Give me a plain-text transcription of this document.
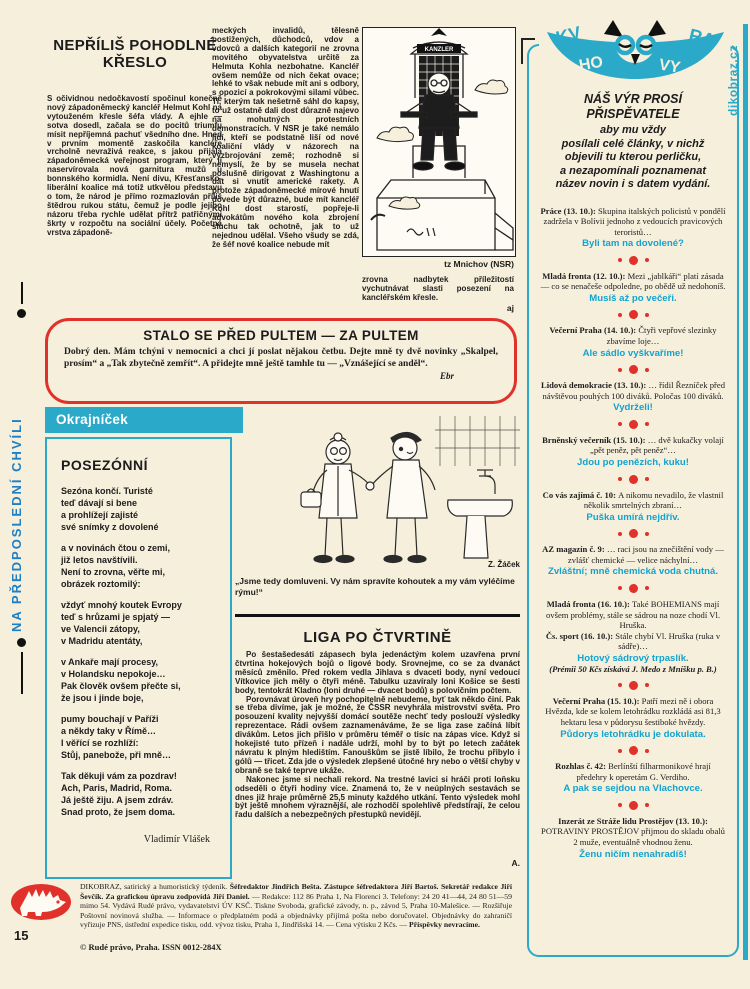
NA PŘEDPOSLEDNÍ CHVÍLI
NEPŘÍLIŠ POHODLNÉ KŘESLO
S očividnou nedočkavostí spočinul konečně nový západoněmecký kancléř Helmut Kohl na vytouženém křesle šéfa vlády. A ejhle — sotva dosedl, začala se do pocitů triumfu mísit nepříjemná pachuť všedního dne. Hned v prvním momentě zaskočila kancléře vrcholně nevraživá reakce, s jakou přijala západoněmecká veřejnost program, který ji naservírovala nová garnitura mužů u bonnského kormidla. Není divu, Křesťansko-liberální koalice má totiž utkvělou představu o tom, že národ je přímo rozmazlován příliš štědrou rukou státu, čemuž je podle jejího názoru třeba rychle udělat přítrž patřičnými škrty v rozpočtu na sociální účely. Početná vrstva západoně-
meckých invalidů, tělesně postižených, důchodců, vdov a vdovců a dalších kategorií ne zrovna movitého obyvatelstva určitě za Helmuta Kohla nezbohatne. Kancléř ovšem nemůže od nich čekat ovace; lehké to však nebude mít ani s odbory, s opozicí a pokrokovými silami vůbec. Ti, kterým tak nešetrně sáhl do kapsy, to už ostatně dali dost důrazně najevo na mohutných protestních demonstracích. V NSR je také nemálo lidí, kteří se podstatně liší od nové koaliční vlády v názorech na vyzbrojování země; rozhodně si nemyslí, že by se musela nechat poslušně dirigovat z Washingtonu a dát si vnutit americké rakety. A protože západoněmecké mírové hnutí dovede být důrazné, bude mít kancléř Kohl dost starostí, popřeje-li advokátům nového kola zbrojení sluchu tak ochotně, jak to už nejednou udělal. Všeho všudy se zdá, že šéf nové koalice nebude mít
KANZLER
tz Mnichov (NSR)
zrovna nadbytek příležitostí vychutnávat slasti posezení na kancléřském křesle.
aj
STALO SE PŘED PULTEM — ZA PULTEM
Dobrý den. Mám tchýni v nemocnici a chci jí poslat nějakou četbu. Dejte mně ty dvě novinky „Skalpel, prosím“ a „Tak zbytečně zemřít“. A přidejte mně ještě tamhle tu — „Vznášející se anděl“.
Ebr
Okrajníček
POSEZÓNNÍ
Sezóna končí. Turisté
teď dávají si bene
a prohlížejí zajisté
své snímky z dovolené
a v novinách čtou o zemi,
již letos navštívili.
Není to zrovna, věřte mi,
obrázek roztomilý:
vždyť mnohý koutek Evropy
teď s hrůzami je spjatý —
ve Valencii zátopy,
v Madridu atentáty,
v Ankaře mají procesy,
v Holandsku nepokoje…
Pak člověk ovšem přečte si,
že jsou i jinde boje,
pumy bouchají v Paříži
a někdy taky v Římě…
I věřící se rozhlíží:
Stůj, panebože, při mně…
Tak děkuji vám za pozdrav!
Ach, Paris, Madrid, Roma.
Já ještě žiju. A jsem zdráv.
Snad proto, že jsem doma.
Vladimír Vlášek
Z. Žáček
„Jsme tedy domluveni. Vy nám spravíte kohoutek a my vám vyléčíme rýmu!“
LIGA PO ČTVRTINĚ

Po šestašedesáti zápasech byla jedenáctým kolem uzavřena první čtvrtina hokejových bojů o ligové body. Srovnejme, co se za dvanáct měsíců změnilo. Před rokem vedla Jihlava s dvaceti body, nyní vedoucí Vítkovice jich měly o čtyři méně. Tabulku uzavíraly loni Košice se šesti body, tentokrát Kladno (loni druhé — dvacet bodů) s polovičním počtem.

Porovnávat úroveň hry pochopitelně nebudeme, byť tak někdo činí. Pak se třeba divíme, jak je možné, že ČSSR nevyhrála mistrovství světa. Pro posouzení kvality nejvyšší domácí soutěže nechť tedy poslouží výsledky reprezentace. Rádi ovšem zaznamenáváme, že se liga zase začíná líbit divákům. Letos jich přišlo v průměru téměř o tisíc na zápas více. Když si hokejisté tuto přízeň i nadále udrží, mohl by to být po letech začátek návratu k plným hledištím. Fanouškům se jistě líbilo, že trochu přibylo i gólů — třicet. Zda jde o výsledek zlepšené útočné hry nebo o větší chyby v obraně se také teprve ukáže.

Nakonec jsme si nechali rekord. Na trestné lavici si hráči proti loňsku odseděli o čtyři hodiny více. Znamená to, že v neúplných sestavách se dnes již hraje průměrně 25,5 minuty každého utkání. Tento výsledek mohl být ještě mnohem výraznější, ale rozhodčí spolehlivě předstírají, že celou řadu dalších a nebezpečných přestupků nevidějí.

A.
DIKOBRAZ, satirický a humoristický týdeník. Šéfredaktor Jindřich Bešta. Zástupce šéfredaktora Jiří Bartoš. Sekretář redakce Jiří Ševčík. Za grafickou úpravu zodpovídá Jiří Daniel. — Redakce: 112 86 Praha 1, Na Florenci 3. Telefony: 24 20 41—44, 24 80 51—59 mimo 54. Vydává Rudé právo, vydavatelství ÚV KSČ. Tiskne Svoboda, grafické závody, n. p., závod 5, Praha 10-Malešice. — Rozšiřuje Poštovní novinová služba. — Informace o předplatném podá a objednávky přijímá pošta nebo doručovatel. Objednávky do zahraničí vyřizuje PNS, ústřední expedice tisku, odd. vývoz tisku, Praha 1, Jindřišská 14. — Cena výtisku 2 Kčs. — Příspěvky nevracíme.
© Rudé právo, Praha. ISSN 0012-284X
15
NÁŠ VÝR PROSÍ PŘISPĚVATELE
aby mu vždy
posílali celé články, v nichž
objevili tu kterou perličku,
a nezapomínali poznamenat
název novin i s datem vydání.

Práce (13. 10.): Skupina italských policistů v pondělí zadržela v Bolívii jednoho z vedoucích pravicových teroristů…

Byli tam na dovolené?

Mladá fronta (12. 10.): Mezi „jablkáři“ platí zásada — co se nenačeše odpoledne, po obědě už nedohoníš.

Musíš až po večeři.

Večerní Praha (14. 10.): Čtyři vepřové slezinky zbavíme loje…

Ale sádlo vyškvaříme!

Lidová demokracie (13. 10.): … řídil Řezníček před návštěvou pouhých 100 diváků. Poločas 100 diváků.

Vydrželi!

Brněnský večerník (15. 10.): … dvě kukačky volají „pět peněz, pět peněz“…

Jdou po penězích, kuku!

Co vás zajímá č. 10: A nikomu nevadilo, že vlastnil několik smrtelných zbraní…

Puška umírá nejdřív.

AZ magazín č. 9: … raci jsou na znečištění vody — zvlášť chemické — velice náchylní…

Zvláštní; mně chemická voda chutná.

Mladá fronta (16. 10.): Také BOHEMIANS mají ovšem problémy, stále se sádrou na noze chodí Vl. Hruška.

Čs. sport (16. 10.): Stále chybí Vl. Hruška (ruka v sádře)…

Hotový sádrový trpaslík.
(Prémii 50 Kčs získává J. Medo z Mníšku p. B.)

Večerní Praha (15. 10.): Patří mezi ně i obora Hvězda, kde se kolem letohrádku rozkládá asi 81,3 hektaru lesa v půdorysu šestiboké hvězdy.

Půdorys letohrádku je dokulata.

Rozhlas č. 42: Berlínští filharmonikové hrají předehry k operetám G. Verdiho.

A pak se sejdou na Vlachovce.

Inzerát ze Stráže lidu Prostějov (13. 10.): POTRAVINY PROSTĚJOV přijmou do skladu obalů 2 muže, eventuálně vhodnou ženu.

Ženu ničím nenahradíš!
KV
HO	VY
RA
dikobraz.cz
